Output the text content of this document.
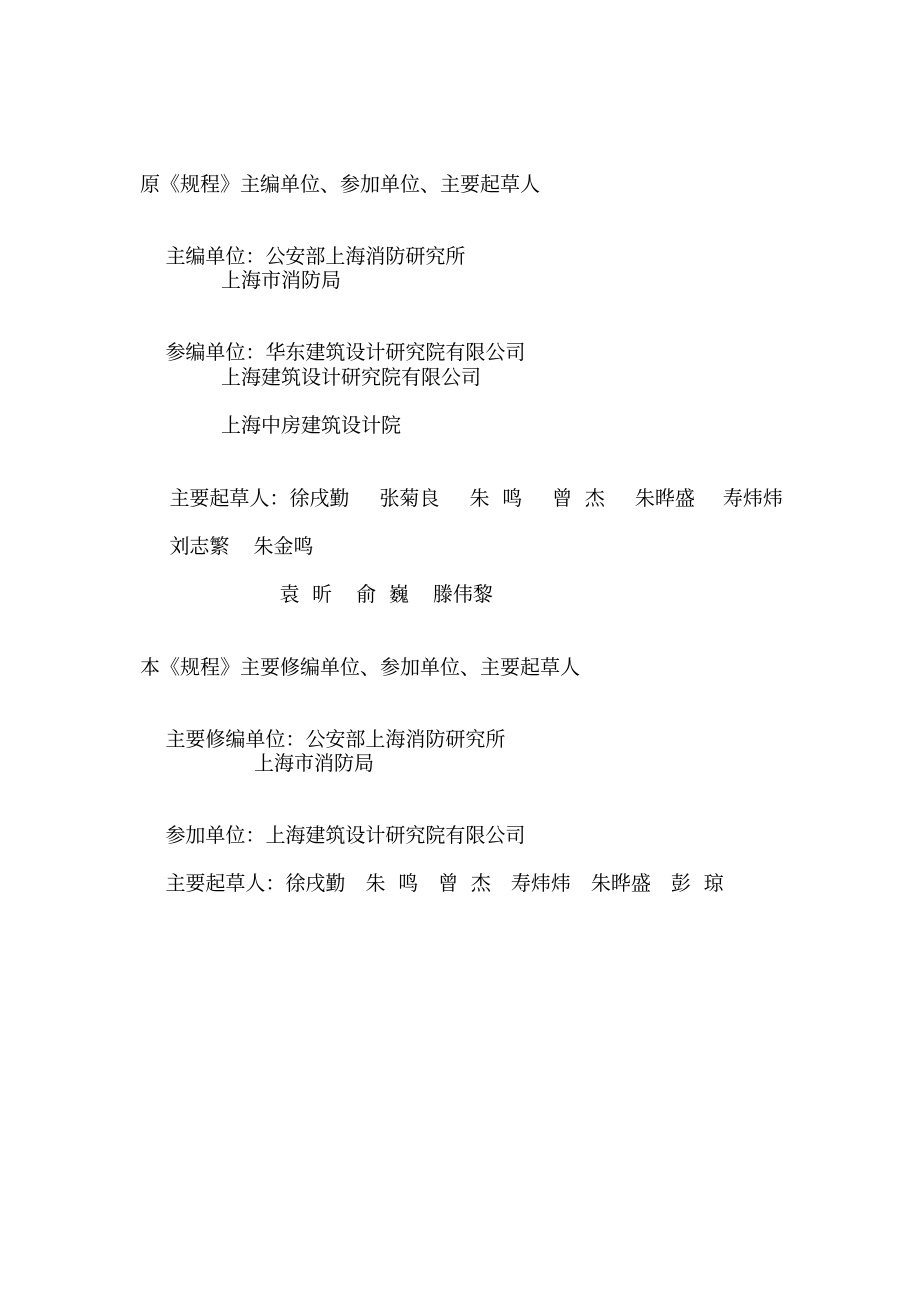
原《规程》主编单位、参加单位、主要起草人

主编单位：公安部上海消防研究所

上海市消防局

参编单位：华东建筑设计研究院有限公司

上海建筑设计研究院有限公司
上海中房建筑设计院

主要起草人：徐戌勤 张菊良 朱  鸣 曾  杰 朱晔盛 寿炜炜

刘志繁 朱金鸣

袁  昕 俞  巍 滕伟黎

本《规程》主要修编单位、参加单位、主要起草人

主要修编单位：公安部上海消防研究所

上海市消防局

参加单位：上海建筑设计研究院有限公司

主要起草人：徐戌勤 朱  鸣 曾  杰 寿炜炜 朱晔盛 彭  琼
